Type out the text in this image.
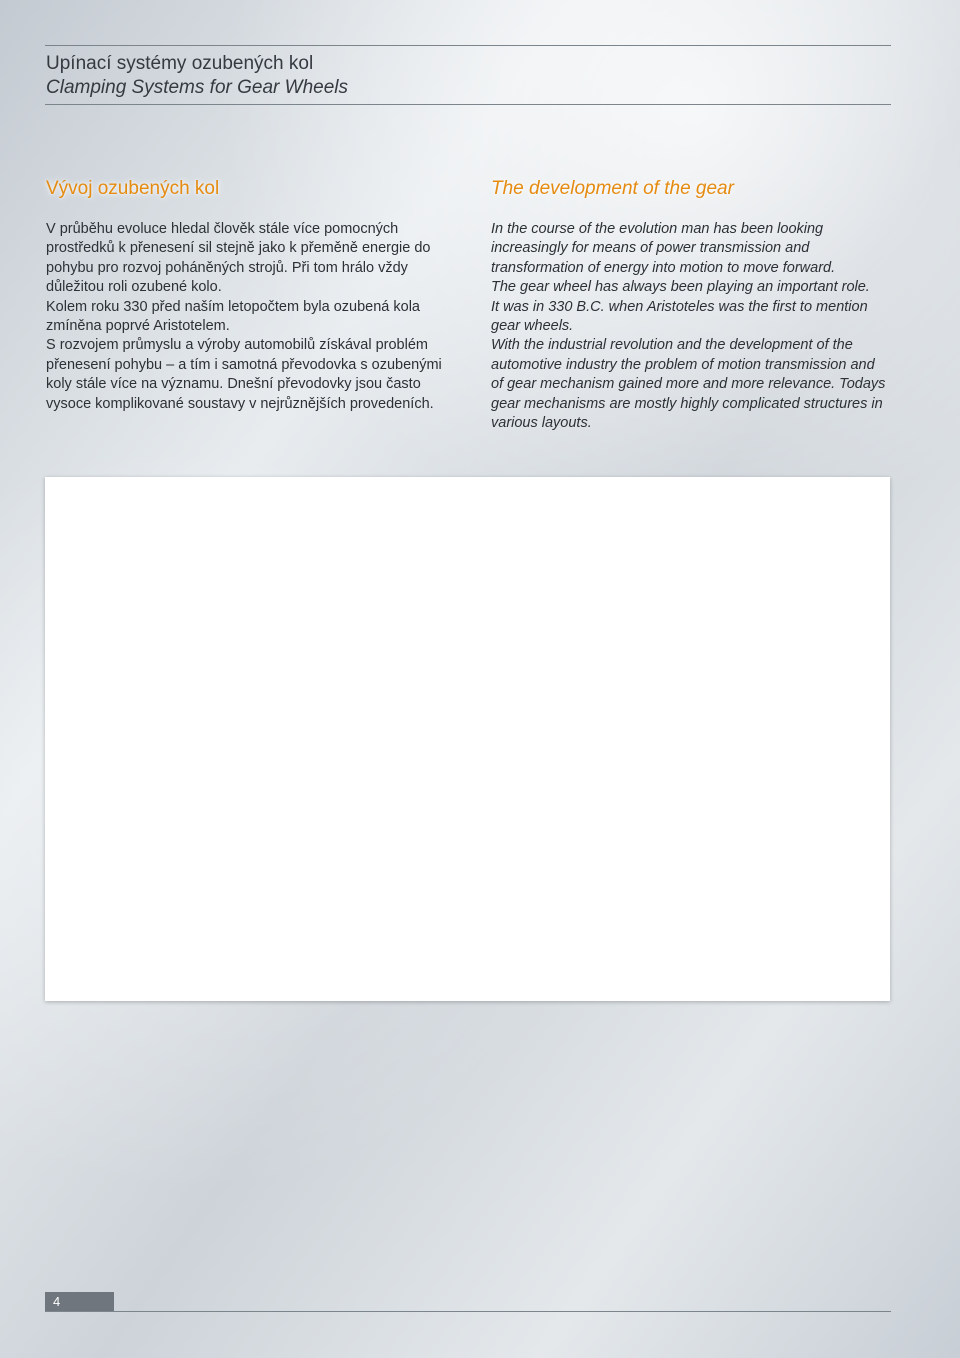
Upínací systémy ozubených kol
Clamping Systems for Gear Wheels
Vývoj ozubených kol	The development of the gear

V průběhu evoluce hledal člověk stále více pomocných

prostředků k přenesení sil stejně jako k přeměně energie do

pohybu pro rozvoj poháněných strojů. Při tom hrálo vždy

důležitou roli ozubené kolo.

Kolem roku 330 před naším letopočtem byla ozubená kola

zmíněna poprvé Aristotelem.

S rozvojem průmyslu a výroby automobilů získával problém

přenesení pohybu – a tím i samotná převodovka s ozubenými

koly stále více na významu. Dnešní převodovky jsou často

vysoce komplikované soustavy v nejrůznějších provedeních.

In the course of the evolution man has been looking

increasingly for means of power transmission and

transformation of energy into motion to move forward.

The gear wheel has always been playing an important role.

It was in 330 B.C. when Aristoteles was the first to mention

gear wheels.

With the industrial revolution and the development of the

automotive industry the problem of motion transmission and

of gear mechanism gained more and more relevance. Todays

gear mechanisms are mostly highly complicated structures in

various layouts.

4
